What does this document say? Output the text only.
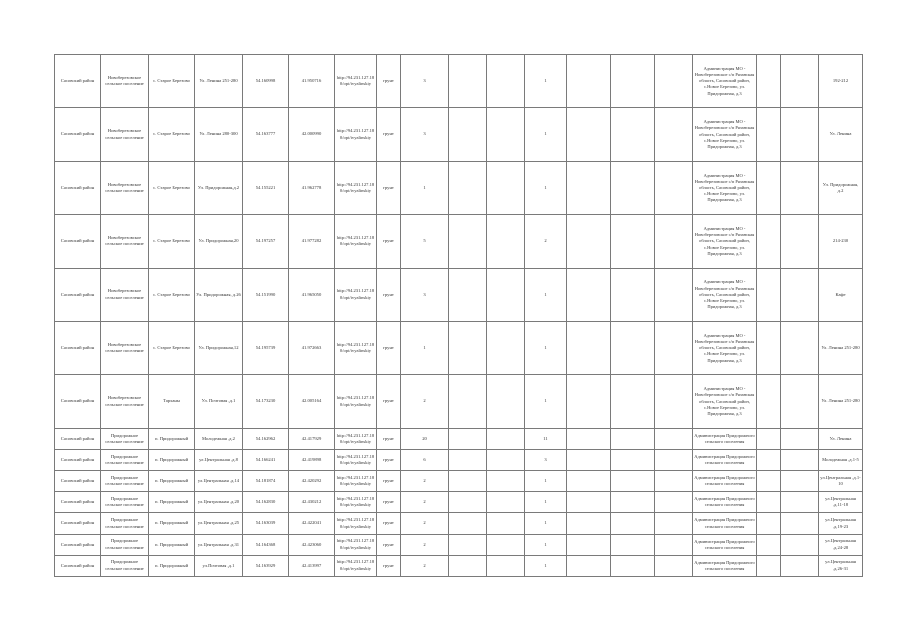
Сасовский район	Новоберезовское сельское поселение	с. Старое Березово	Ул. Ленина 251-280	54.160998	41.950716	http://94.231.127.180/opt/ivyalinskiy	грунт	3			1				Администрация МО - Новоберезовское с/п Рязанская область, Сасовский район, с.Новое Березово, ул. Придорожная, д.3			192-212
Сасовский район	Новоберезовское сельское поселение	с. Старое Березово	Ул. Ленина 280-300	54.163777	42.000990	http://94.231.127.180/opt/ivyalinskiy	грунт	3			1				Администрация МО - Новоберезовское с/п Рязанская область, Сасовский район, с.Новое Березово, ул. Придорожная, д.3			Ул. Ленина
Сасовский район	Новоберезовское сельское поселение	с. Старое Березово	Ул. Придорожная,д.2	54.155221	41.962778	http://94.231.127.180/opt/ivyalinskiy	грунт	1			1				Администрация МО - Новоберезовское с/п Рязанская область, Сасовский район, с.Новое Березово, ул. Придорожная, д.3			Ул. Придорожная, д.2
Сасовский район	Новоберезовское сельское поселение	с. Старое Березово	Ул. Придорожная,20	54.197257	41.977282	http://94.231.127.180/opt/ivyalinskiy	грунт	5			2				Администрация МО - Новоберезовское с/п Рязанская область, Сасовский район, с.Новое Березово, ул. Придорожная, д.3			214-230
Сасовский район	Новоберезовское сельское поселение	с. Старое Березово	Ул. Придорожная, д.26	54.151990	41.965050	http://94.231.127.180/opt/ivyalinskiy	грунт	3			1				Администрация МО - Новоберезовское с/п Рязанская область, Сасовский район, с.Новое Березово, ул. Придорожная, д.3			Кафе
Сасовский район	Новоберезовское сельское поселение	с. Старое Березово	Ул. Придорожная,12	54.195739	41.972663	http://94.231.127.180/opt/ivyalinskiy	грунт	1			1				Администрация МО - Новоберезовское с/п Рязанская область, Сасовский район, с.Новое Березово, ул. Придорожная, д.3			Ул. Ленина 251-280
Сасовский район	Новоберезовское сельское поселение	Тарханы	Ул. Почтовая ,д.1	54.173230	42.005164	http://94.231.127.180/opt/ivyalinskiy	грунт	2			1				Администрация МО - Новоберезовское с/п Рязанская область, Сасовский район, с.Новое Березово, ул. Придорожная, д.3			Ул. Ленина 251-280
Сасовский район	Придорожное сельское поселение	п. Придорожный	Молодежная ,д.2	54.162962	42.417929	http://94.231.127.180/opt/ivyalinskiy	грунт	20			11				Администрация Придорожного сельского поселения			Ул. Ленина
Сасовский район	Придорожное сельское поселение	п. Придорожный	ул.Центральная ,д.8	54.166241	42.419898	http://94.231.127.180/opt/ivyalinskiy	грунт	6			3				Администрация Придорожного сельского поселения			Молодежная ,д.1-5
Сасовский район	Придорожное сельское поселение	п. Придорожный	ул.Центральная ,д.14	54.181874	42.420292	http://94.231.127.180/opt/ivyalinskiy	грунт	2			1				Администрация Придорожного сельского поселения			ул.Центральная ,д.1-10
Сасовский район	Придорожное сельское поселение	п. Придорожный	ул.Центральная ,д.20	54.162830	42.430212	http://94.231.127.180/opt/ivyalinskiy	грунт	2			1				Администрация Придорожного сельского поселения			ул.Центральная ,д.11-18
Сасовский район	Придорожное сельское поселение	п. Придорожный	ул.Центральная ,д.25	54.163039	42.422041	http://94.231.127.180/opt/ivyalinskiy	грунт	2			1				Администрация Придорожного сельского поселения			ул.Центральная ,д.19-23
Сасовский район	Придорожное сельское поселение	п. Придорожный	ул.Центральная ,д.31	54.164368	42.423060	http://94.231.127.180/opt/ivyalinskiy	грунт	2			1				Администрация Придорожного сельского поселения			ул.Центральная ,д.24-28
Сасовский район	Придорожное сельское поселение	п. Придорожный	ул.Почтовая ,д.1	54.163929	42.413997	http://94.231.127.180/opt/ivyalinskiy	грунт	2			1				Администрация Придорожного сельского поселения			ул.Центральная ,д.26-31
